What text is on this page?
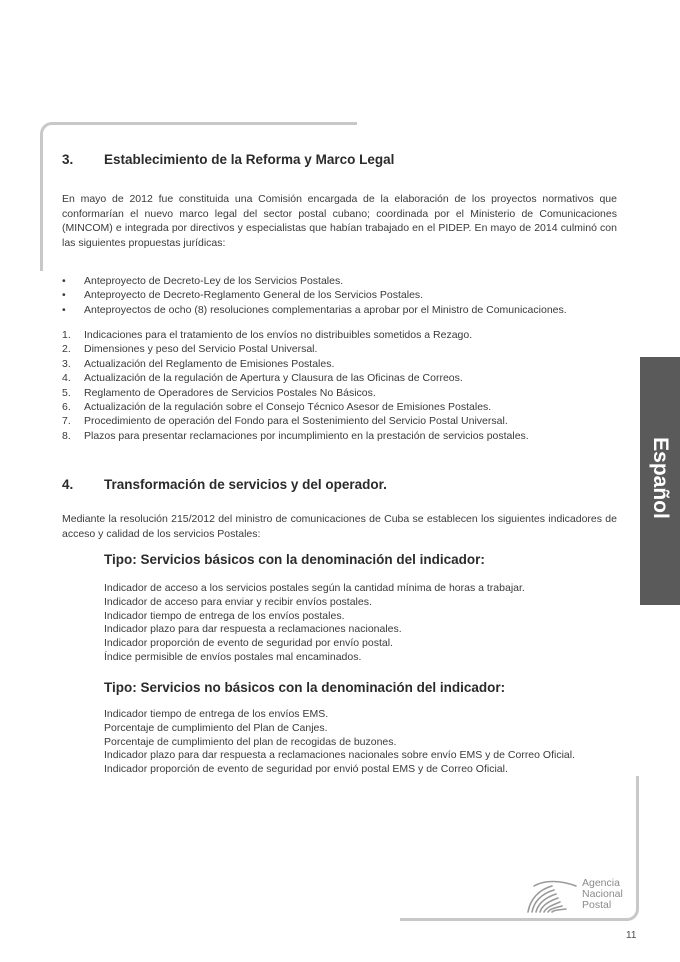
3. Establecimiento de la Reforma y Marco Legal
En mayo de 2012 fue constituida una Comisión encargada de la elaboración de los proyectos normativos que conformarían el nuevo marco legal del sector postal cubano; coordinada por el Ministerio de Comunicaciones (MINCOM) e integrada por directivos y especialistas que habían trabajado en el PIDEP. En mayo de 2014 culminó con las siguientes propuestas jurídicas:
• Anteproyecto de Decreto-Ley de los Servicios Postales.
• Anteproyecto de Decreto-Reglamento General de los Servicios Postales.
• Anteproyectos de ocho (8) resoluciones complementarias a aprobar por el Ministro de Comunicaciones.
1. Indicaciones para el tratamiento de los envíos no distribuibles sometidos a Rezago.
2. Dimensiones y peso del Servicio Postal Universal.
3. Actualización del Reglamento de Emisiones Postales.
4. Actualización de la regulación de Apertura y Clausura de las Oficinas de Correos.
5. Reglamento de Operadores de Servicios Postales No Básicos.
6. Actualización de la regulación sobre el Consejo Técnico Asesor de Emisiones Postales.
7. Procedimiento de operación del Fondo para el Sostenimiento del Servicio Postal Universal.
8. Plazos para presentar reclamaciones por incumplimiento en la prestación de servicios postales.
4. Transformación de servicios y del operador.
Mediante la resolución 215/2012 del ministro de comunicaciones de Cuba se establecen los siguientes indicadores de acceso y calidad de los servicios Postales:
Tipo: Servicios básicos con la denominación del indicador:
Indicador de acceso a los servicios postales según la cantidad mínima de horas a trabajar.
Indicador de acceso para enviar y recibir envíos postales.
Indicador tiempo de entrega de los envíos postales.
Indicador plazo para dar respuesta a reclamaciones nacionales.
Indicador proporción de evento de seguridad por envío postal.
Índice permisible de envíos postales mal encaminados.
Tipo: Servicios no básicos con la denominación del indicador:
Indicador tiempo de entrega de los envíos EMS.
Porcentaje de cumplimiento del Plan de Canjes.
Porcentaje de cumplimiento del plan de recogidas de buzones.
Indicador plazo para dar respuesta a reclamaciones nacionales sobre envío EMS y de Correo Oficial.
Indicador proporción de evento de seguridad por envió postal EMS y de Correo Oficial.
Español
Agencia
Nacional
Postal
11
